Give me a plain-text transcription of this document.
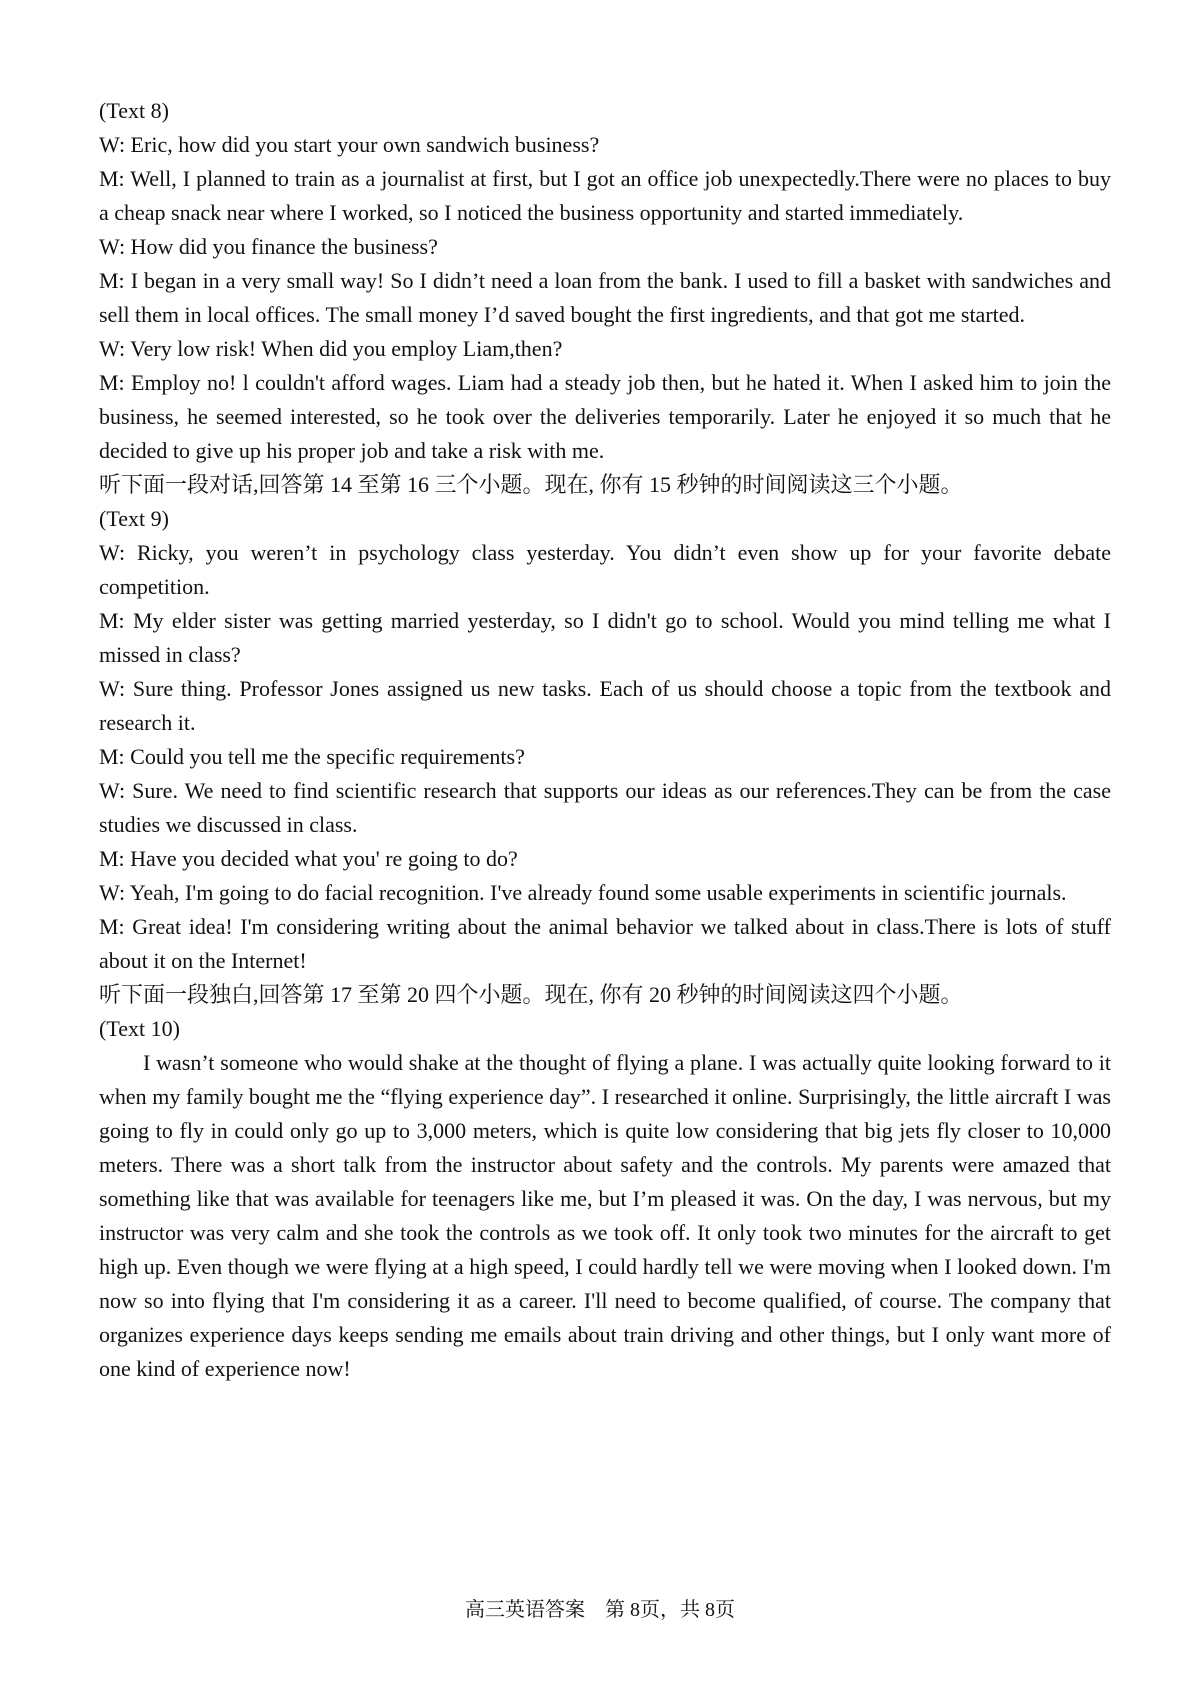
(Text 8)

W: Eric, how did you start your own sandwich business?

M: Well, I planned to train as a journalist at first, but I got an office job unexpectedly.There were no places to buy a cheap snack near where I worked, so I noticed the business opportunity and started immediately.

W: How did you finance the business?

M: I began in a very small way! So I didn’t need a loan from the bank. I used to fill a basket with sandwiches and sell them in local offices. The small money I’d saved bought the first ingredients, and that got me started.

W: Very low risk! When did you employ Liam,then?

M: Employ no! l couldn't afford wages. Liam had a steady job then, but he hated it. When I asked him to join the business, he seemed interested, so he took over the deliveries temporarily. Later he enjoyed it so much that he decided to give up his proper job and take a risk with me.

听下面一段对话,回答第 14 至第 16 三个小题。现在, 你有 15 秒钟的时间阅读这三个小题。

(Text 9)

W: Ricky, you weren’t in psychology class yesterday. You didn’t even show up for your favorite debate competition.

M: My elder sister was getting married yesterday, so I didn't go to school. Would you mind telling me what I missed in class?

W: Sure thing. Professor Jones assigned us new tasks. Each of us should choose a topic from the textbook and research it.

M: Could you tell me the specific requirements?

W: Sure. We need to find scientific research that supports our ideas as our references.They can be from the case studies we discussed in class.

M: Have you decided what you' re going to do?

W: Yeah, I'm going to do facial recognition. I've already found some usable experiments in scientific journals.

M: Great idea! I'm considering writing about the animal behavior we talked about in class.There is lots of stuff about it on the Internet!

听下面一段独白,回答第 17 至第 20 四个小题。现在, 你有 20 秒钟的时间阅读这四个小题。

(Text 10)

I wasn’t someone who would shake at the thought of flying a plane. I was actually quite looking forward to it when my family bought me the “flying experience day”. I researched it online. Surprisingly, the little aircraft I was going to fly in could only go up to 3,000 meters, which is quite low considering that big jets fly closer to 10,000 meters. There was a short talk from the instructor about safety and the controls. My parents were amazed that something like that was available for teenagers like me, but I’m pleased it was. On the day, I was nervous, but my instructor was very calm and she took the controls as we took off. It only took two minutes for the aircraft to get high up. Even though we were flying at a high speed, I could hardly tell we were moving when I looked down. I'm now so into flying that I'm considering it as a career. I'll need to become qualified, of course. The company that organizes experience days keeps sending me emails about train driving and other things, but I only want more of one kind of experience now!

高三英语答案　第 8页，共 8页
